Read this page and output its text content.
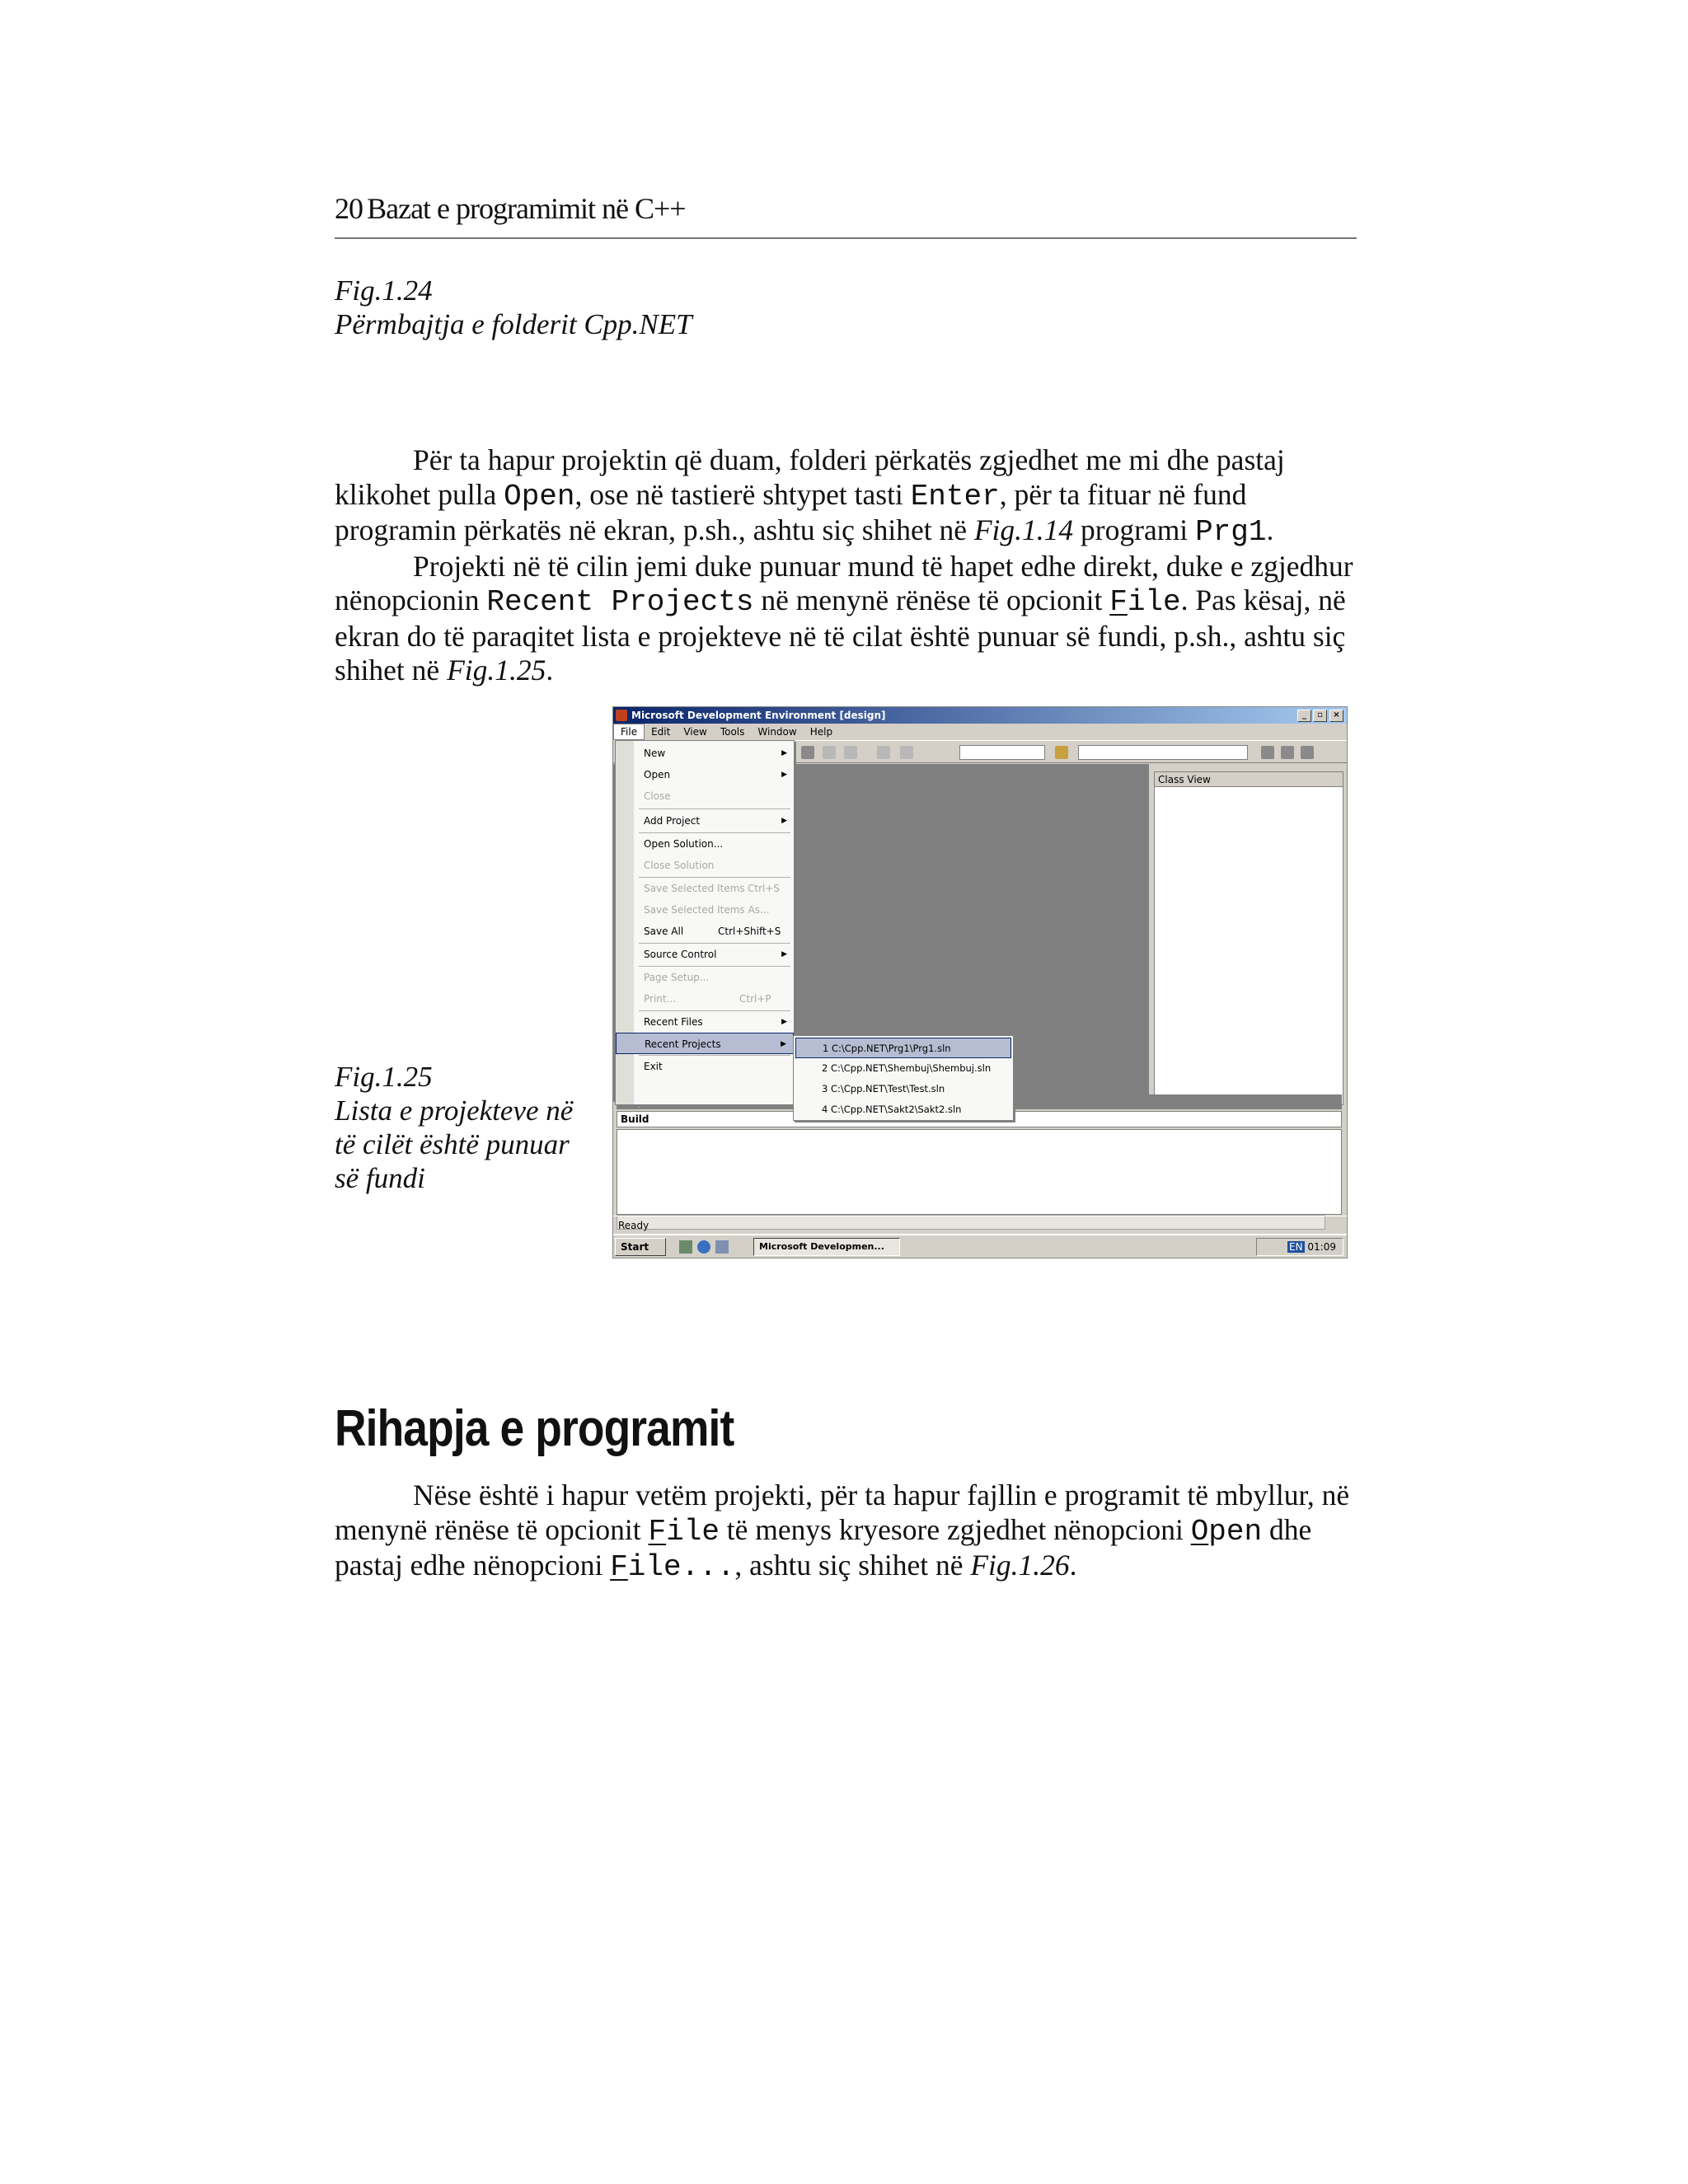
20 Bazat e programimit në C++
Fig.1.24
Përmbajtja e folderit Cpp.NET

Për ta hapur projektin që duam, folderi përkatës zgjedhet me mi dhe pastaj klikohet pulla Open, ose në tastierë shtypet tasti Enter, për ta fituar në fund programin përkatës në ekran, p.sh., ashtu siç shihet në Fig.1.14 programi Prg1.

Projekti në të cilin jemi duke punuar mund të hapet edhe direkt, duke e zgjedhur nënopcionin Recent Projects në menynë rënëse të opcionit File. Pas kësaj, në ekran do të paraqitet lista e projekteve në të cilat është punuar së fundi, p.sh., ashtu siç shihet në Fig.1.25.

Fig.1.25
Lista e projekteve në të cilët është punuar së fundi
Microsoft Development Environment [design]	_	▫	×
File Edit View Tools Window Help
Class View
Build
Ready
Start	Microsoft Developmen...	EN 01:09
New	▶
Open	▶
Close
Add Project	▶
Open Solution...
Close Solution
Save Selected Items Ctrl+S
Save Selected Items As...
Save All	Ctrl+Shift+S
Source Control	▶
Page Setup...
Print...	Ctrl+P
Recent Files	▶
Recent Projects	▶
Exit
1 C:\Cpp.NET\Prg1\Prg1.sln
2 C:\Cpp.NET\Shembuj\Shembuj.sln
3 C:\Cpp.NET\Test\Test.sln
4 C:\Cpp.NET\Sakt2\Sakt2.sln
Rihapja e programit

Nëse është i hapur vetëm projekti, për ta hapur fajllin e programit të mbyllur, në menynë rënëse të opcionit File të menys kryesore zgjedhet nënopcioni Open dhe pastaj edhe nënopcioni File..., ashtu siç shihet në Fig.1.26.
